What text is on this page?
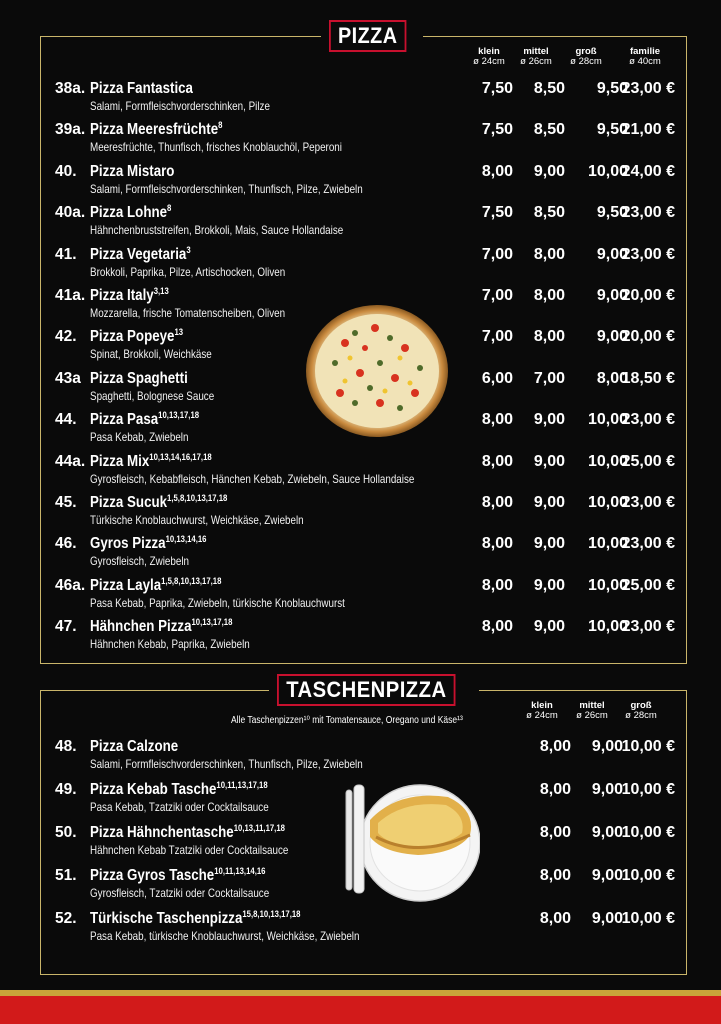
PIZZA
klein
ø 24cm
mittel
ø 26cm
groß
ø 28cm
familie
ø 40cm
38a. Pizza Fantastica
Salami, Formfleischvorderschinken, Pilze
7,50 8,50 9,50
23,00 €
39a. Pizza Meeresfrüchte$^8$
Meeresfrüchte, Thunfisch, frisches Knoblauchöl, Peperoni
7,50 8,50 9,50
21,00 €
40. Pizza Mistaro
Salami, Formfleischvorderschinken, Thunfisch, Pilze, Zwiebeln
8,00 9,00 10,00
24,00 €
40a. Pizza Lohne$^8$
Hähnchenbruststreifen, Brokkoli, Mais, Sauce Hollandaise
7,50 8,50 9,50
23,00 €
41. Pizza Vegetaria$^3$
Brokkoli, Paprika, Pilze, Artischocken, Oliven
7,00 8,00 9,00
23,00 €
41a. Pizza Italy$^{3,13}$
Mozzarella, frische Tomatenscheiben, Oliven
7,00 8,00 9,00
20,00 €
42. Pizza Popeye$^{13}$
Spinat, Brokkoli, Weichkäse
7,00 8,00 9,00
20,00 €
43a Pizza Spaghetti
Spaghetti, Bolognese Sauce
6,00 7,00 8,00
18,50 €
44. Pizza Pasa$^{10,13,17,18}$
Pasa Kebab, Zwiebeln
8,00 9,00 10,00
23,00 €
44a. Pizza Mix$^{10,13,14,16,17,18}$
Gyrosfleisch, Kebabfleisch, Hänchen Kebab, Zwiebeln, Sauce Hollandaise
8,00 9,00 10,00
25,00 €
45. Pizza Sucuk$^{1,5,8,10,13,17,18}$
Türkische Knoblauchwurst, Weichkäse, Zwiebeln
8,00 9,00 10,00
23,00 €
46. Gyros Pizza$^{10,13,14,16}$
Gyrosfleisch, Zwiebeln
8,00 9,00 10,00
23,00 €
46a. Pizza Layla$^{1,5,8,10,13,17,18}$
Pasa Kebab, Paprika, Zwiebeln, türkische Knoblauchwurst
8,00 9,00 10,00
25,00 €
47. Hähnchen Pizza$^{10,13,17,18}$
Hähnchen Kebab, Paprika, Zwiebeln
8,00 9,00 10,00
23,00 €
TASCHENPIZZA
Alle Taschenpizzen¹⁰ mit Tomatensauce, Oregano und Käse¹³
klein
ø 24cm
mittel
ø 26cm
groß
ø 28cm
48. Pizza Calzone
Salami, Formfleischvorderschinken, Thunfisch, Pilze, Zwiebeln
8,00 9,00
10,00 €
49. Pizza Kebab Tasche$^{10,11,13,17,18}$
Pasa Kebab, Tzatziki oder Cocktailsauce
8,00 9,00
10,00 €
50. Pizza Hähnchentasche$^{10,13,11,17,18}$
Hähnchen Kebab Tzatziki oder Cocktailsauce
8,00 9,00
10,00 €
51. Pizza Gyros Tasche$^{10,11,13,14,16}$
Gyrosfleisch, Tzatziki oder Cocktailsauce
8,00 9,00
10,00 €
52. Türkische Taschenpizza$^{15,8,10,13,17,18}$
Pasa Kebab, türkische Knoblauchwurst, Weichkäse, Zwiebeln
8,00 9,00
10,00 €
